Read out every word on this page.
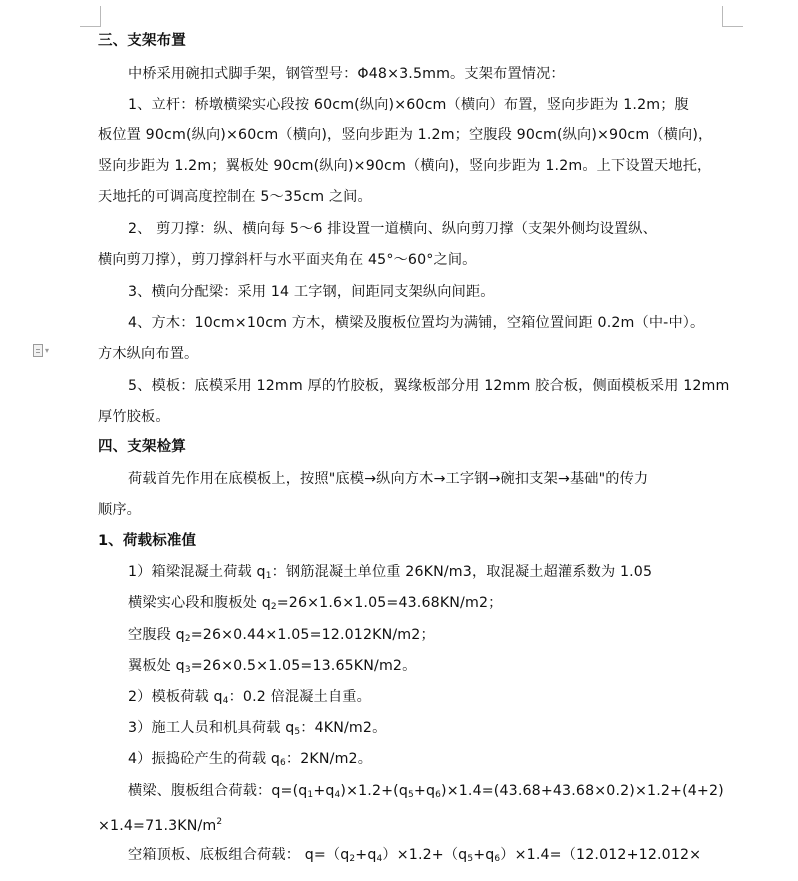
▾
三、支架布置
中桥采用碗扣式脚手架，钢管型号：Φ48×3.5mm。支架布置情况：
1、立杆：桥墩横梁实心段按 60cm(纵向)×60cm（横向）布置，竖向步距为 1.2m；腹
板位置 90cm(纵向)×60cm（横向)，竖向步距为 1.2m；空腹段 90cm(纵向)×90cm（横向)，
竖向步距为 1.2m；翼板处 90cm(纵向)×90cm（横向)，竖向步距为 1.2m。上下设置天地托，
天地托的可调高度控制在 5～35cm 之间。
2、 剪刀撑：纵、横向每 5～6 排设置一道横向、纵向剪刀撑（支架外侧均设置纵、
横向剪刀撑），剪刀撑斜杆与水平面夹角在 45°～60°之间。
3、横向分配梁：采用 14 工字钢，间距同支架纵向间距。
4、方木：10cm×10cm 方木，横梁及腹板位置均为满铺，空箱位置间距 0.2m（中-中）。
方木纵向布置。
5、模板：底模采用 12mm 厚的竹胶板，翼缘板部分用 12mm 胶合板，侧面模板采用 12mm
厚竹胶板。
四、支架检算
荷载首先作用在底模板上，按照"底模→纵向方木→工字钢→碗扣支架→基础"的传力
顺序。
1、荷载标准值
1）箱梁混凝土荷载 $q_1$：钢筋混凝土单位重 26KN/m3，取混凝土超灌系数为 1.05
横梁实心段和腹板处 $q_2=26\times 1.6\times 1.05=43.68KN/m2$；
空腹段 $q_2=26\times 0.44\times 1.05=12.012KN/m2$；
翼板处 $q_3=26\times 0.5\times 1.05=13.65KN/m2$。
2）模板荷载 $q_4$：0.2 倍混凝土自重。
3）施工人员和机具荷载 $q_5$：4KN/m2。
4）振捣砼产生的荷载 $q_6$：2KN/m2。
横梁、腹板组合荷载：$q=(q_1+q_4)\times 1.2+(q_5+q_6)\times 1.4=(43.68+43.68\times 0.2)\times 1.2+(4+2)$
$\times 1.4=71.3KN/m^2$
空箱顶板、底板组合荷载： $q=(q_2+q_4)\times 1.2+(q_5+q_6)\times 1.4=(12.012+12.012\times$
